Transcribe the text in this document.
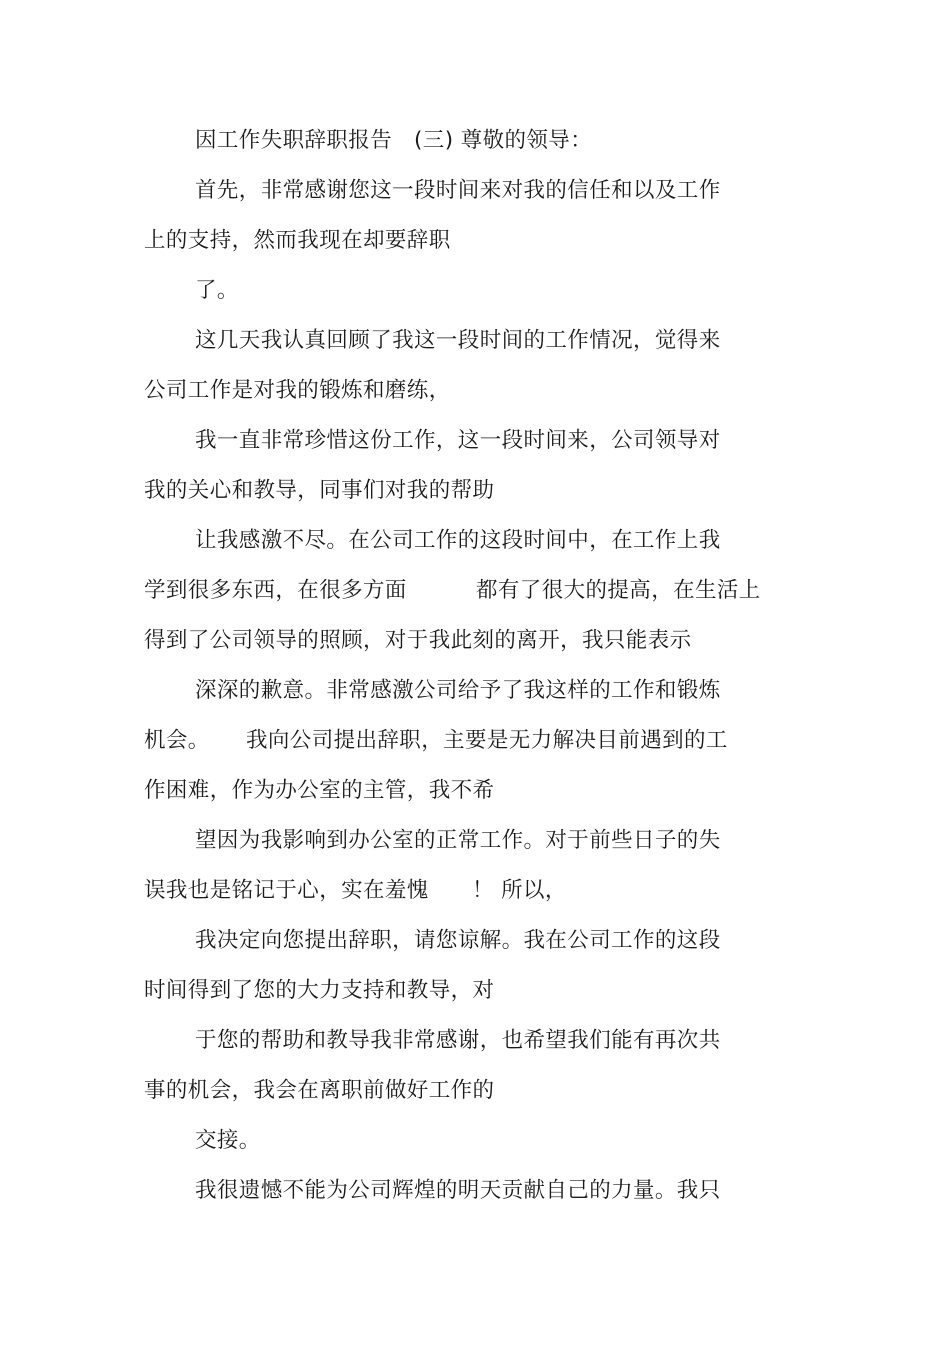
因工作失职辞职报告　(三) 尊敬的领导：

首先，非常感谢您这一段时间来对我的信任和以及工作

上的支持，然而我现在却要辞职

了。

这几天我认真回顾了我这一段时间的工作情况，觉得来

公司工作是对我的锻炼和磨练，

我一直非常珍惜这份工作，这一段时间来，公司领导对

我的关心和教导，同事们对我的帮助

让我感激不尽。在公司工作的这段时间中，在工作上我

学到很多东西，在很多方面

	都有了很大的提高，在生活上

得到了公司领导的照顾，对于我此刻的离开，我只能表示

深深的歉意。非常感激公司给予了我这样的工作和锻炼

机会。

我向公司提出辞职，主要是无力解决目前遇到的工

作困难，作为办公室的主管，我不希

望因为我影响到办公室的正常工作。对于前些日子的失

误我也是铭记于心，实在羞愧

！ 所以，

我决定向您提出辞职，请您谅解。我在公司工作的这段

时间得到了您的大力支持和教导，对

于您的帮助和教导我非常感谢，也希望我们能有再次共

事的机会，我会在离职前做好工作的

交接。

我很遗憾不能为公司辉煌的明天贡献自己的力量。我只
